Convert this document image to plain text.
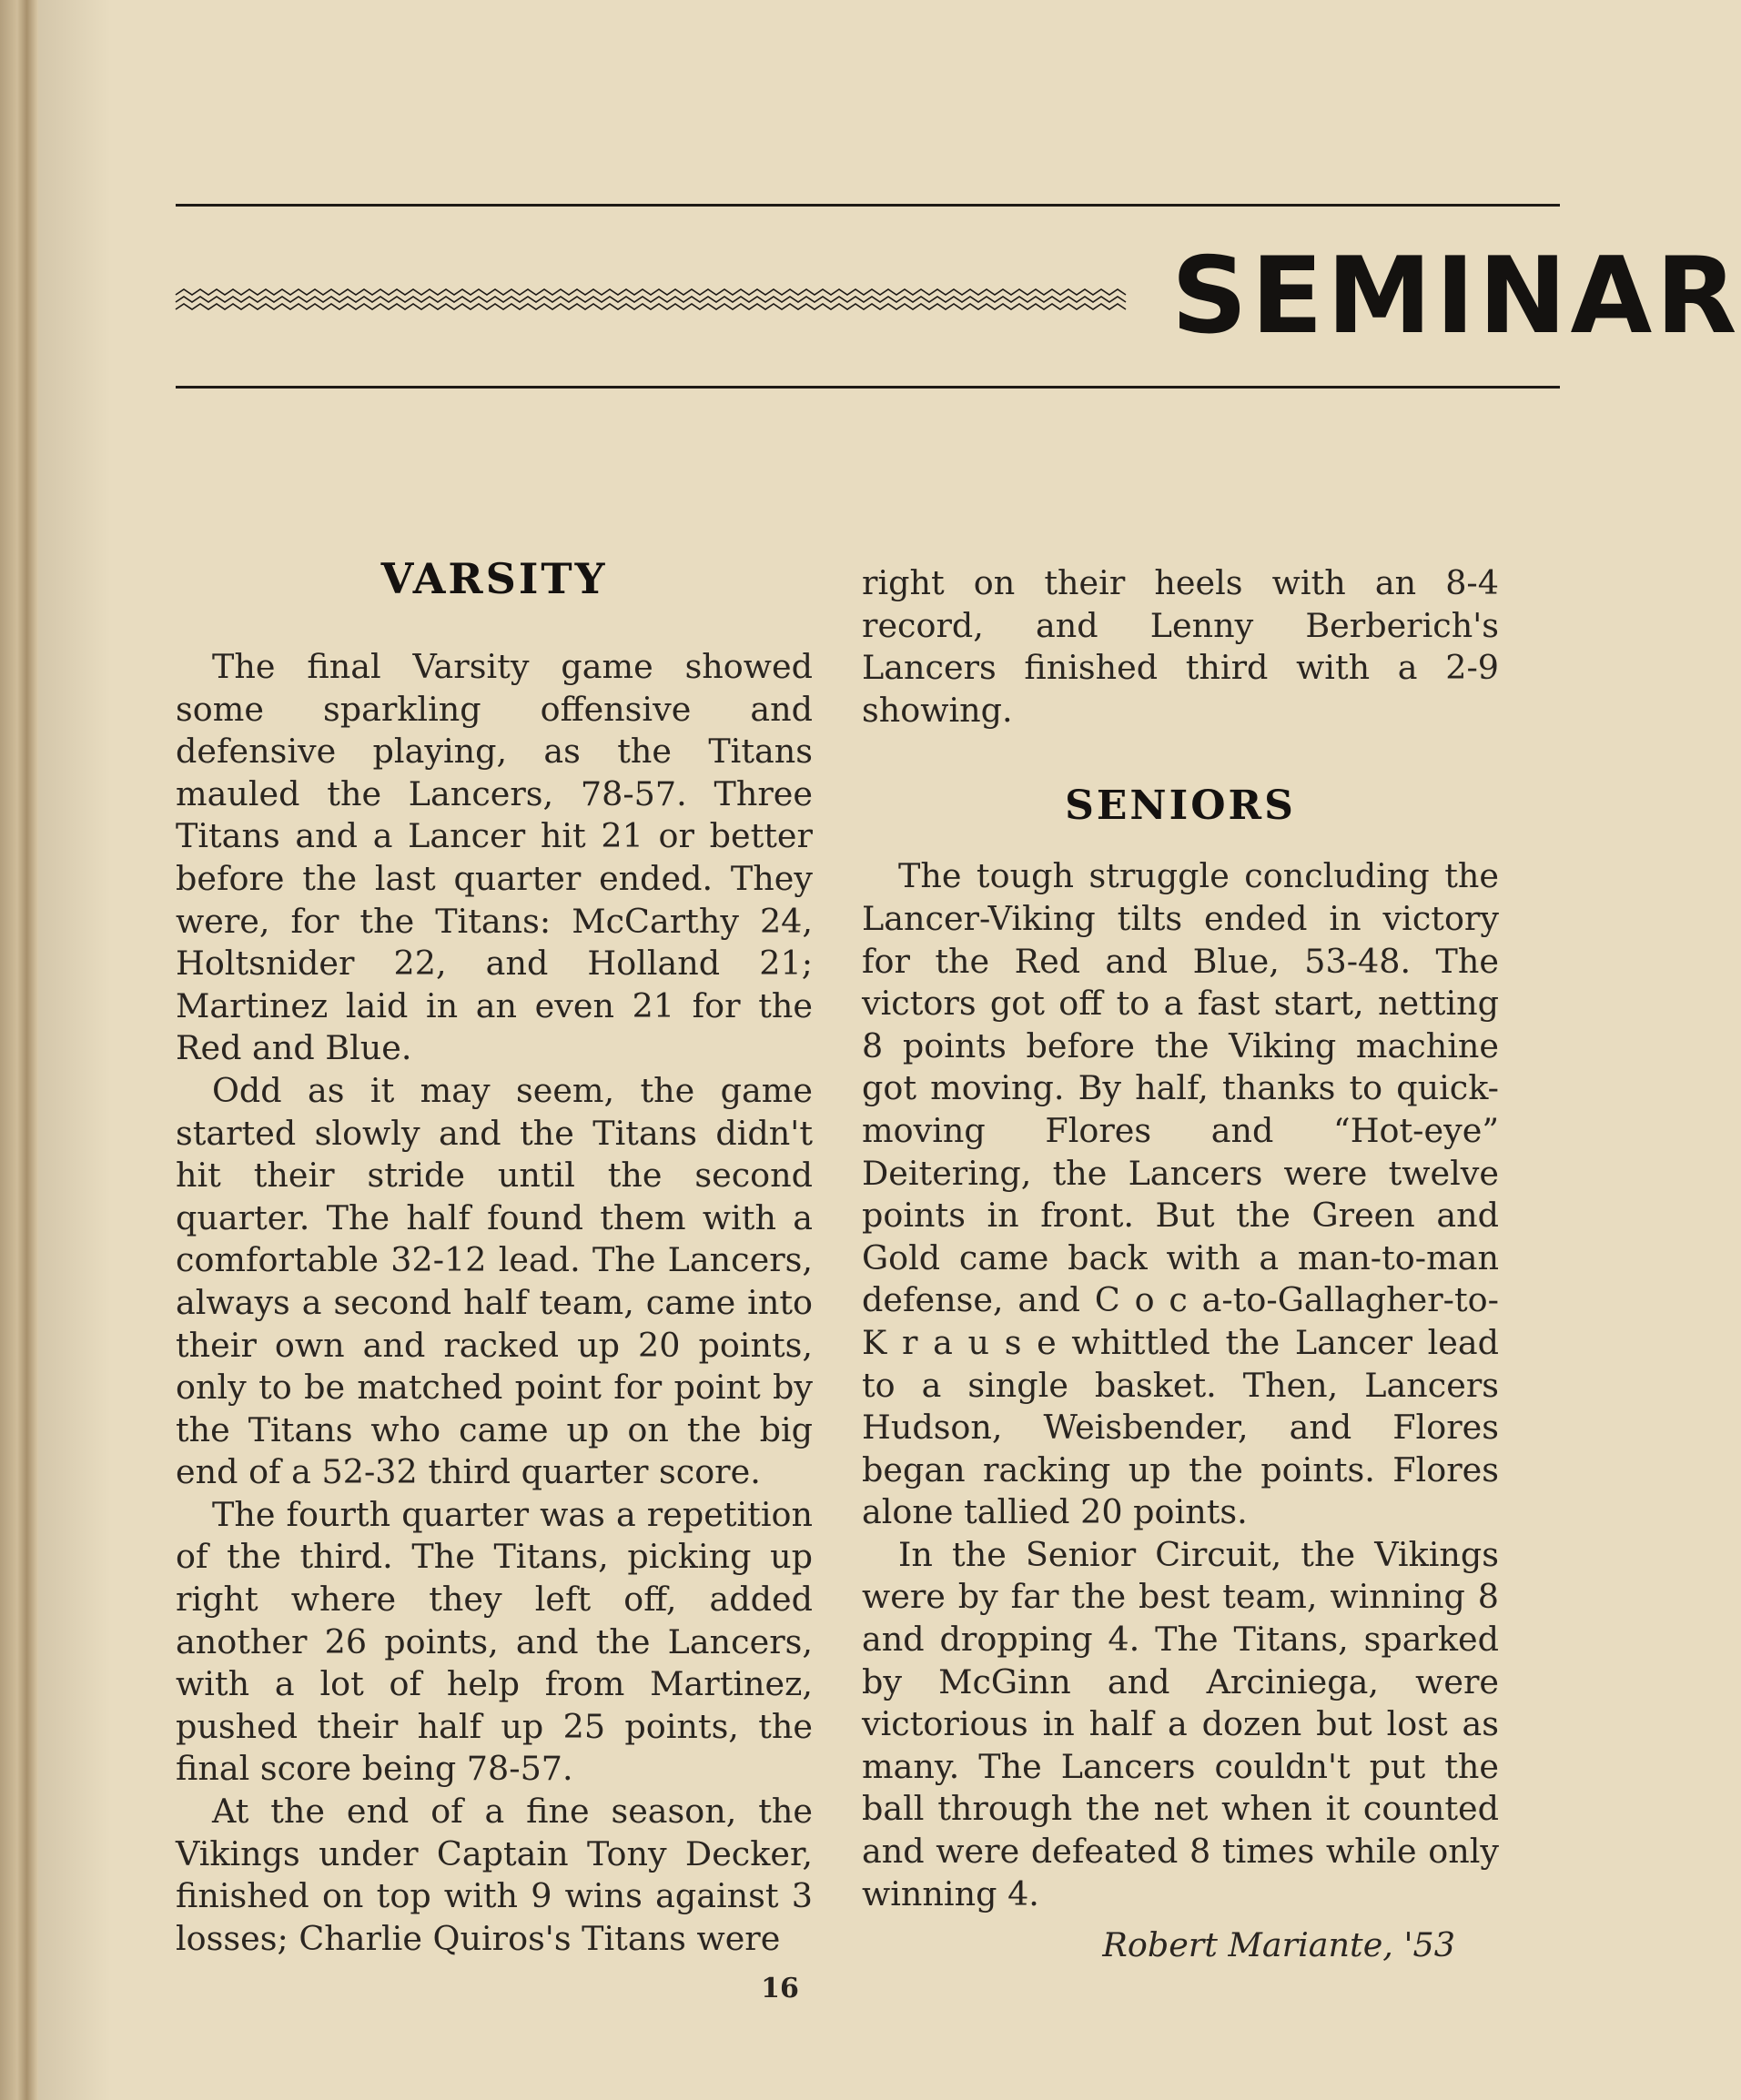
SEMINAR
VARSITY

The final Varsity game showed some sparkling offensive and defensive playing, as the Titans mauled the Lancers, 78-57. Three Titans and a Lancer hit 21 or better before the last quarter ended. They were, for the Titans: McCarthy 24, Holtsnider 22, and Holland 21; Martinez laid in an even 21 for the Red and Blue.

Odd as it may seem, the game started slowly and the Titans didn't hit their stride until the second quarter. The half found them with a comfortable 32-12 lead. The Lancers, always a second half team, came into their own and racked up 20 points, only to be matched point for point by the Titans who came up on the big end of a 52-32 third quarter score.

The fourth quarter was a repetition of the third. The Titans, picking up right where they left off, added another 26 points, and the Lancers, with a lot of help from Martinez, pushed their half up 25 points, the final score being 78-57.

At the end of a fine season, the Vikings under Captain Tony Decker, finished on top with 9 wins against 3 losses; Charlie Quiros's Titans were

right on their heels with an 8-4 record, and Lenny Berberich's Lancers finished third with a 2-9 showing.

SENIORS

The tough struggle concluding the Lancer-Viking tilts ended in victory for the Red and Blue, 53-48. The victors got off to a fast start, netting 8 points before the Viking machine got moving. By half, thanks to quick-moving Flores and “Hot-eye” Deitering, the Lancers were twelve points in front. But the Green and Gold came back with a man-to-man defense, and C o c a-to-Gallagher-to-K r a u s e whittled the Lancer lead to a single basket. Then, Lancers Hudson, Weisbender, and Flores began racking up the points. Flores alone tallied 20 points.

In the Senior Circuit, the Vikings were by far the best team, winning 8 and dropping 4. The Titans, sparked by McGinn and Arciniega, were victorious in half a dozen but lost as many. The Lancers couldn't put the ball through the net when it counted and were defeated 8 times while only winning 4.

Robert Mariante, '53
16
